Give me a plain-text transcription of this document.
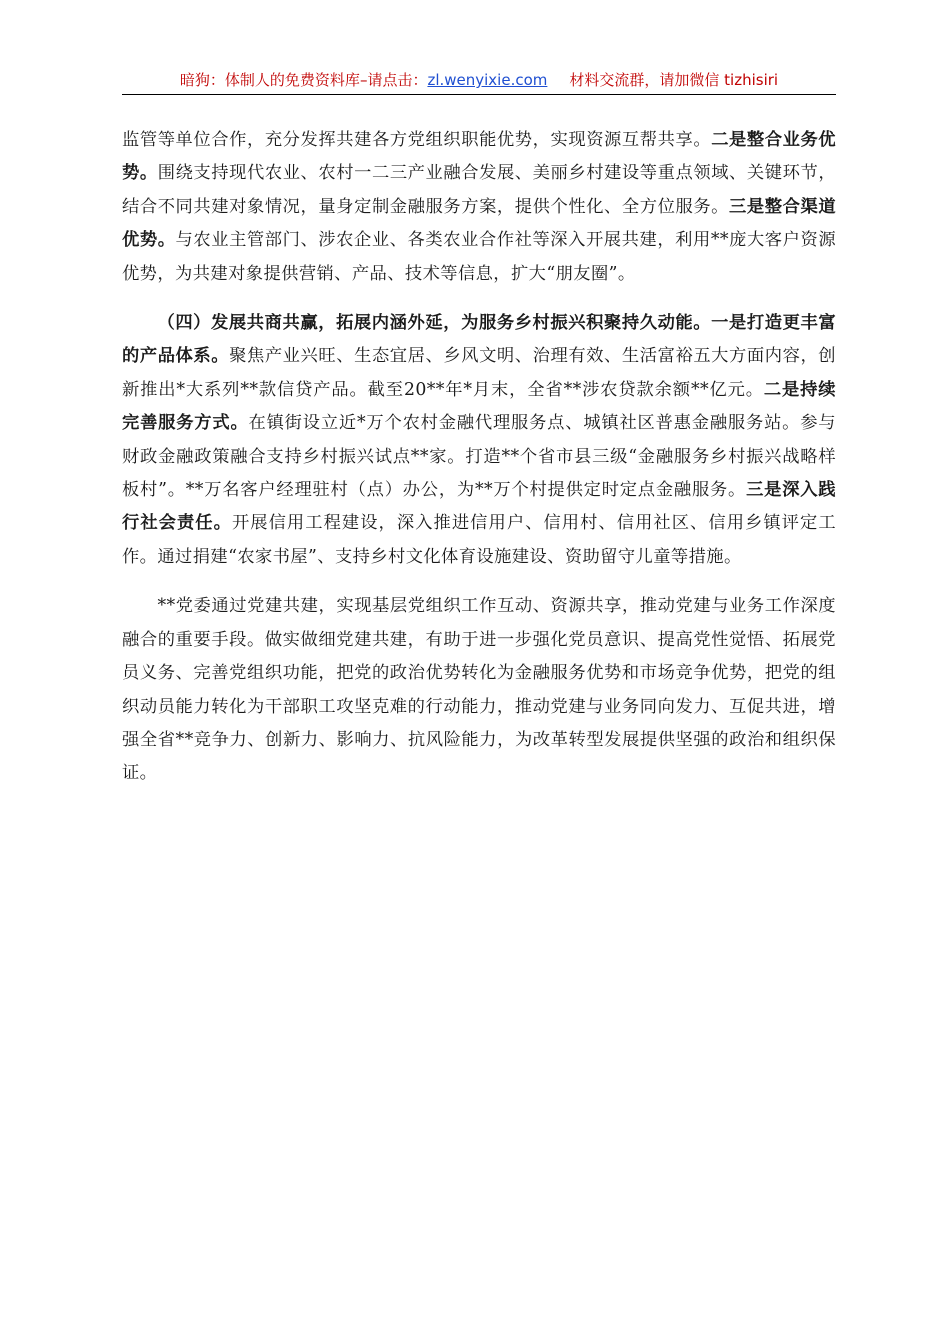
暗狗：体制人的免费资料库–请点击：zl.wenyixie.com 材料交流群，请加微信 tizhisiri

监管等单位合作，充分发挥共建各方党组织职能优势，实现资源互帮共享。二是整合业务优势。围绕支持现代农业、农村一二三产业融合发展、美丽乡村建设等重点领域、关键环节，结合不同共建对象情况，量身定制金融服务方案，提供个性化、全方位服务。三是整合渠道优势。与农业主管部门、涉农企业、各类农业合作社等深入开展共建，利用**庞大客户资源优势，为共建对象提供营销、产品、技术等信息，扩大“朋友圈”。

（四）发展共商共赢，拓展内涵外延，为服务乡村振兴积聚持久动能。一是打造更丰富的产品体系。聚焦产业兴旺、生态宜居、乡风文明、治理有效、生活富裕五大方面内容，创新推出*大系列**款信贷产品。截至20**年*月末，全省**涉农贷款余额**亿元。二是持续完善服务方式。在镇街设立近*万个农村金融代理服务点、城镇社区普惠金融服务站。参与财政金融政策融合支持乡村振兴试点**家。打造**个省市县三级“金融服务乡村振兴战略样板村”。**万名客户经理驻村（点）办公，为**万个村提供定时定点金融服务。三是深入践行社会责任。开展信用工程建设，深入推进信用户、信用村、信用社区、信用乡镇评定工作。通过捐建“农家书屋”、支持乡村文化体育设施建设、资助留守儿童等措施。

**党委通过党建共建，实现基层党组织工作互动、资源共享，推动党建与业务工作深度融合的重要手段。做实做细党建共建，有助于进一步强化党员意识、提高党性觉悟、拓展党员义务、完善党组织功能，把党的政治优势转化为金融服务优势和市场竞争优势，把党的组织动员能力转化为干部职工攻坚克难的行动能力，推动党建与业务同向发力、互促共进，增强全省**竞争力、创新力、影响力、抗风险能力，为改革转型发展提供坚强的政治和组织保证。
